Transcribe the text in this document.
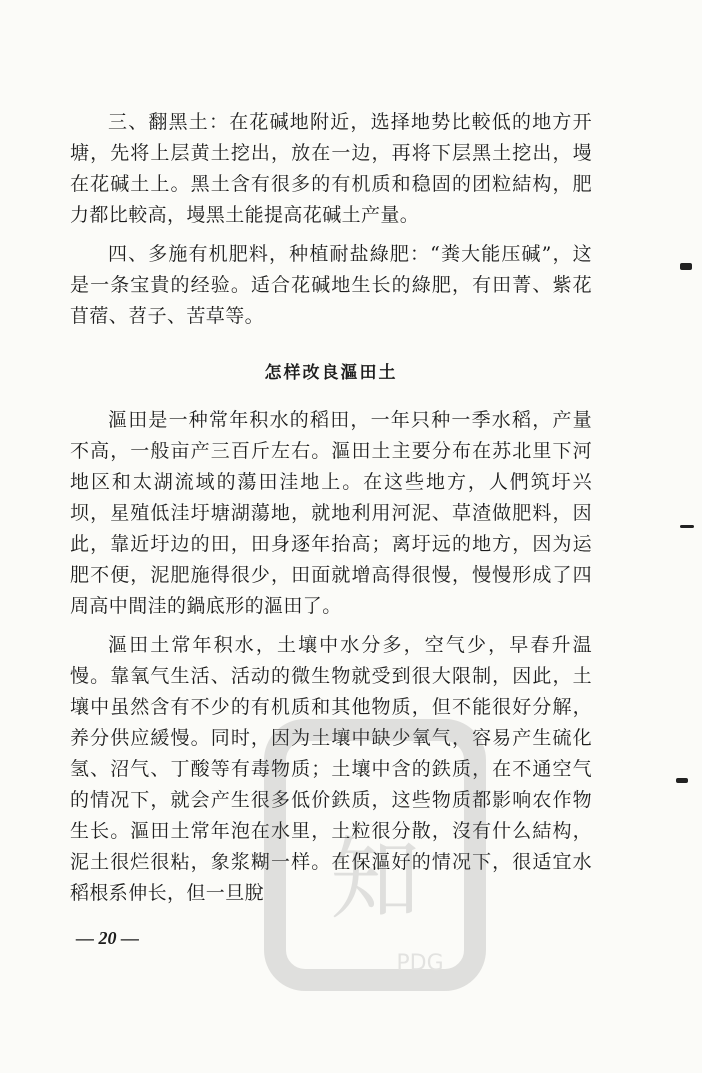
三、翻黑土：在花碱地附近，选择地势比較低的地方开塘，先将上层黄土挖出，放在一边，再将下层黑土挖出，墁在花碱土上。黑土含有很多的有机质和稳固的团粒結构，肥力都比較高，墁黑土能提高花碱土产量。

四、多施有机肥料，种植耐盐綠肥：“粪大能压碱”，这是一条宝貴的经验。适合花碱地生长的綠肥，有田菁、紫花苜蓿、苕子、苦草等。

怎样改良漚田土

漚田是一种常年积水的稻田，一年只种一季水稻，产量不高，一般亩产三百斤左右。漚田土主要分布在苏北里下河地区和太湖流域的蕩田洼地上。在这些地方，人們筑圩兴坝，星殖低洼圩塘湖蕩地，就地利用河泥、草渣做肥料，因此，靠近圩边的田，田身逐年抬高；离圩远的地方，因为运肥不便，泥肥施得很少，田面就增高得很慢，慢慢形成了四周高中間洼的鍋底形的漚田了。

漚田土常年积水，土壤中水分多，空气少，早春升温慢。靠氧气生活、活动的微生物就受到很大限制，因此，土壤中虽然含有不少的有机质和其他物质，但不能很好分解，养分供应緩慢。同时，因为土壤中缺少氧气，容易产生硫化氢、沼气、丁酸等有毒物质；土壤中含的鉄质，在不通空气的情况下，就会产生很多低价鉄质，这些物质都影响农作物生长。漚田土常年泡在水里，土粒很分散，沒有什么結构，泥土很烂很粘，象浆糊一样。在保漚好的情况下，很适宜水稻根系伸长，但一旦脫

— 20 —
知
PDG
